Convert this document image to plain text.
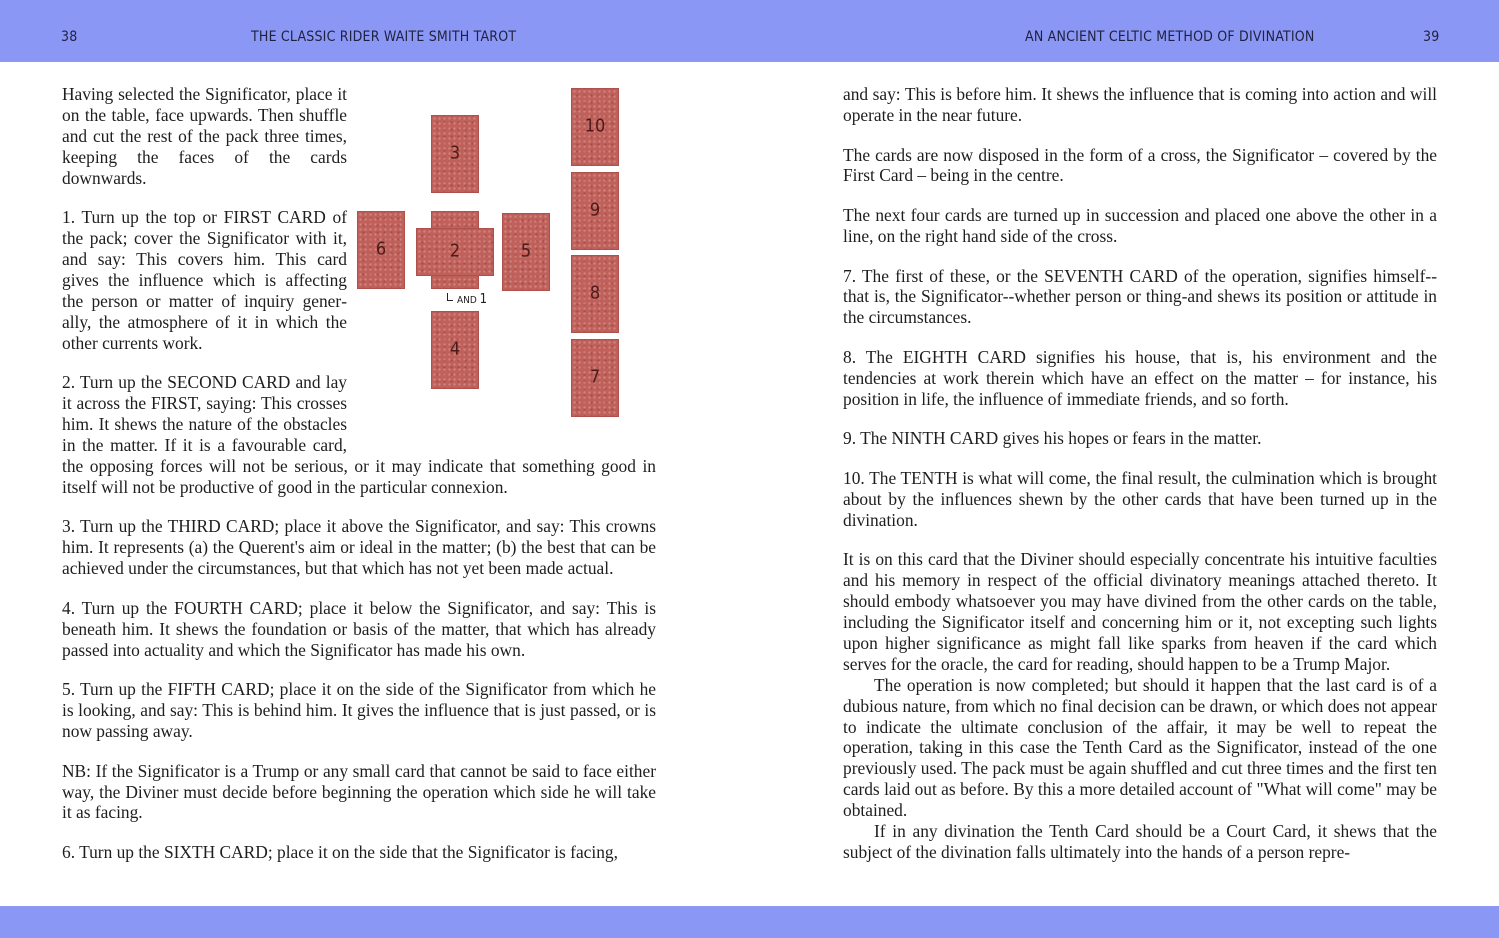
38	THE CLASSIC RIDER WAITE SMITH TAROT	AN ANCIENT CELTIC METHOD OF DIVINATION	39
3
6	2	5
4
10
9
8
7
AND 1

Having selected the Significator, place it on the table, face upwards. Then shuffle and cut the rest of the pack three times, keeping the faces of the cards downwards.

1. Turn up the top or FIRST CARD of the pack; cover the Significator with it, and say: This covers him. This card gives the influence which is affecting the person or matter of inquiry generally, the atmosphere of it in which the other currents work.

2. Turn up the SECOND CARD and lay it across the FIRST, saying: This crosses him. It shews the nature of the obstacles in the matter. If it is a favourable card, the opposing forces will not be serious, or it may indicate that something good in itself will not be productive of good in the particular connexion.

3. Turn up the THIRD CARD; place it above the Significator, and say: This crowns him. It represents (a) the Querent's aim or ideal in the matter; (b) the best that can be achieved under the circumstances, but that which has not yet been made actual.

4. Turn up the FOURTH CARD; place it below the Significator, and say: This is beneath him. It shews the foundation or basis of the matter, that which has already passed into actuality and which the Significator has made his own.

5. Turn up the FIFTH CARD; place it on the side of the Significator from which he is looking, and say: This is behind him. It gives the influence that is just passed, or is now passing away.

NB: If the Significator is a Trump or any small card that cannot be said to face either way, the Diviner must decide before beginning the operation which side he will take it as facing.

6. Turn up the SIXTH CARD; place it on the side that the Significator is facing,

and say: This is before him. It shews the influence that is coming into action and will operate in the near future.

The cards are now disposed in the form of a cross, the Significator – covered by the First Card – being in the centre.

The next four cards are turned up in succession and placed one above the other in a line, on the right hand side of the cross.

7. The first of these, or the SEVENTH CARD of the operation, signifies himself--that is, the Significator--whether person or thing-and shews its position or attitude in the circumstances.

8. The EIGHTH CARD signifies his house, that is, his environment and the tendencies at work therein which have an effect on the matter – for instance, his position in life, the influence of immediate friends, and so forth.

9. The NINTH CARD gives his hopes or fears in the matter.

10. The TENTH is what will come, the final result, the culmination which is brought about by the influences shewn by the other cards that have been turned up in the divination.

It is on this card that the Diviner should especially concentrate his intuitive faculties and his memory in respect of the official divinatory meanings attached thereto. It should embody whatsoever you may have divined from the other cards on the table, including the Significator itself and concerning him or it, not excepting such lights upon higher significance as might fall like sparks from heaven if the card which serves for the oracle, the card for reading, should happen to be a Trump Major.

The operation is now completed; but should it happen that the last card is of a dubious nature, from which no final decision can be drawn, or which does not appear to indicate the ultimate conclusion of the affair, it may be well to repeat the operation, taking in this case the Tenth Card as the Significator, instead of the one previously used. The pack must be again shuffled and cut three times and the first ten cards laid out as before. By this a more detailed account of "What will come" may be obtained.

If in any divination the Tenth Card should be a Court Card, it shews that the subject of the divination falls ultimately into the hands of a person repre-
